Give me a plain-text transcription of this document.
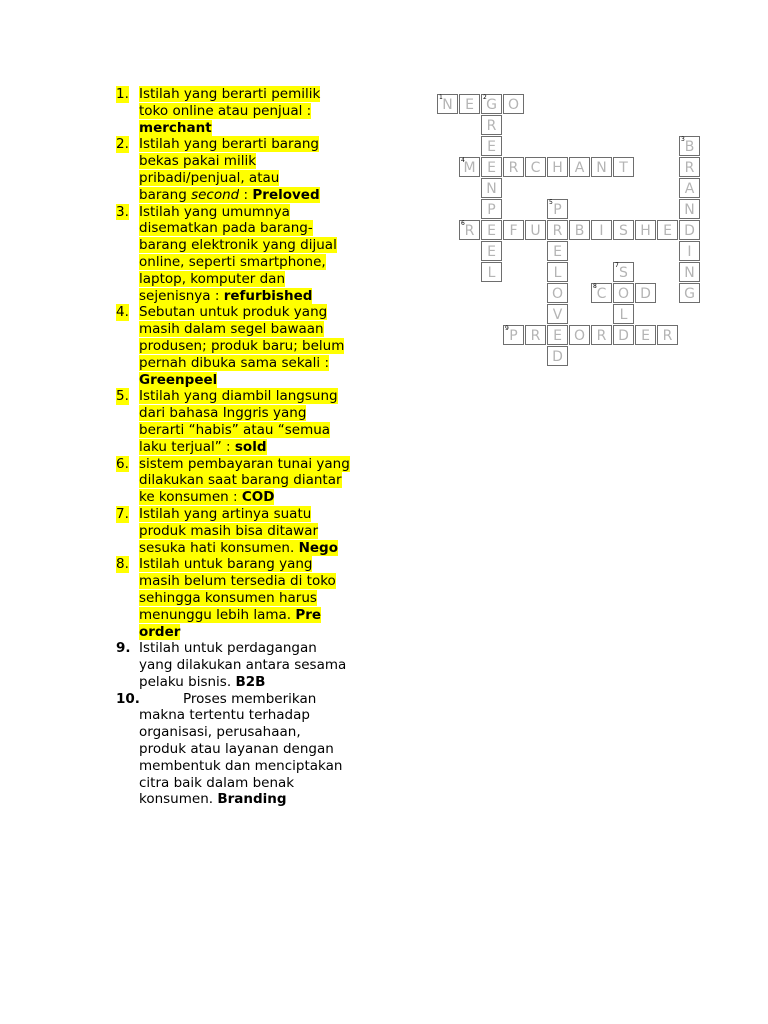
1. Istilah yang berarti pemilik
toko online atau penjual :
merchant
2. Istilah yang berarti barang
bekas pakai milik
pribadi/penjual, atau
barang second : Preloved
3. Istilah yang umumnya
disematkan pada barang-
barang elektronik yang dijual
online, seperti smartphone,
laptop, komputer dan
sejenisnya : refurbished
4. Sebutan untuk produk yang
masih dalam segel bawaan
produsen; produk baru; belum
pernah dibuka sama sekali :
Greenpeel
5. Istilah yang diambil langsung
dari bahasa Inggris yang
berarti “habis” atau “semua
laku terjual” : sold
6. sistem pembayaran tunai yang
dilakukan saat barang diantar
ke konsumen : COD
7. Istilah yang artinya suatu
produk masih bisa ditawar
sesuka hati konsumen. Nego
8. Istilah untuk barang yang
masih belum tersedia di toko
sehingga konsumen harus
menunggu lebih lama. Pre
order
9. Istilah untuk perdagangan
yang dilakukan antara sesama
pelaku bisnis. B2B
10.	Proses memberikan
makna tertentu terhadap
organisasi, perusahaan,
produk atau layanan dengan
membentuk dan menciptakan
citra baik dalam benak
konsumen. Branding
1 N E	2 G O
R
E
E
N
P
E
E
L
3 B
R
A
N
D
I
N
G
4
M	R C H A N T
5 P
R
E
L
O
V
E
D
6 R	F U	B	I	S H E
7 S
O
L
D
8 C	D
9 P R	O R	E R
